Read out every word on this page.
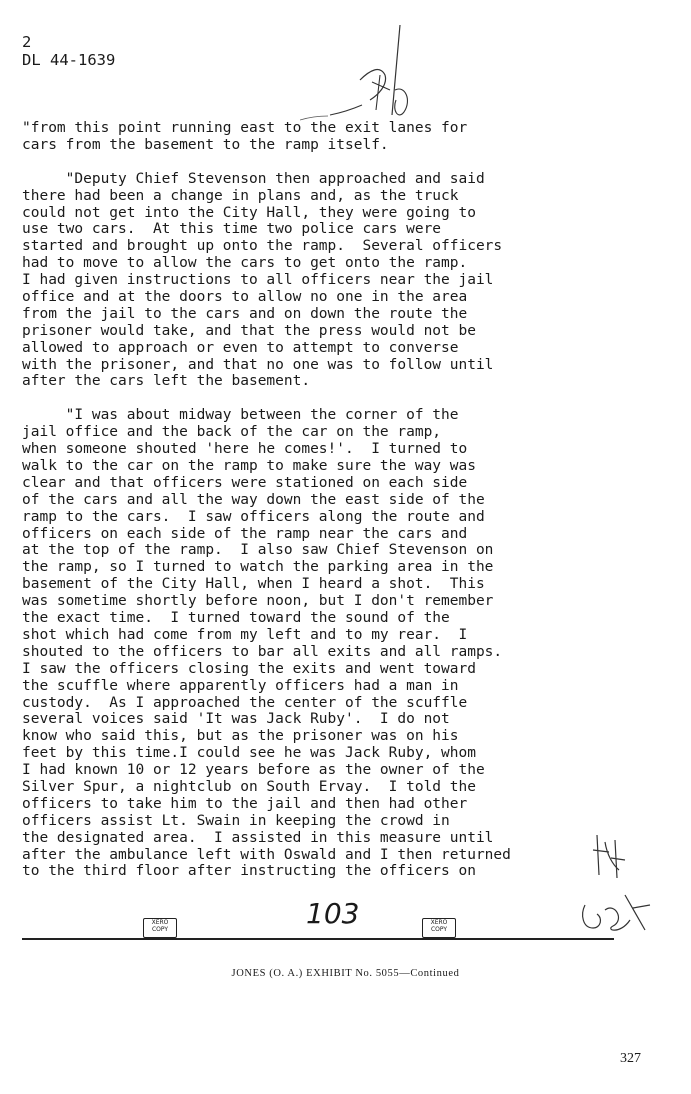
2
DL 44-1639
"from this point running east to the exit lanes for
cars from the basement to the ramp itself.
"Deputy Chief Stevenson then approached and said
there had been a change in plans and, as the truck
could not get into the City Hall, they were going to
use two cars.  At this time two police cars were
started and brought up onto the ramp.  Several officers
had to move to allow the cars to get onto the ramp.
I had given instructions to all officers near the jail
office and at the doors to allow no one in the area
from the jail to the cars and on down the route the
prisoner would take, and that the press would not be
allowed to approach or even to attempt to converse
with the prisoner, and that no one was to follow until
after the cars left the basement.
"I was about midway between the corner of the
jail office and the back of the car on the ramp,
when someone shouted 'here he comes!'.  I turned to
walk to the car on the ramp to make sure the way was
clear and that officers were stationed on each side
of the cars and all the way down the east side of the
ramp to the cars.  I saw officers along the route and
officers on each side of the ramp near the cars and
at the top of the ramp.  I also saw Chief Stevenson on
the ramp, so I turned to watch the parking area in the
basement of the City Hall, when I heard a shot.  This
was sometime shortly before noon, but I don't remember
the exact time.  I turned toward the sound of the
shot which had come from my left and to my rear.  I
shouted to the officers to bar all exits and all ramps.
I saw the officers closing the exits and went toward
the scuffle where apparently officers had a man in
custody.  As I approached the center of the scuffle
several voices said 'It was Jack Ruby'.  I do not
know who said this, but as the prisoner was on his
feet by this time.I could see he was Jack Ruby, whom
I had known 10 or 12 years before as the owner of the
Silver Spur, a nightclub on South Ervay.  I told the
officers to take him to the jail and then had other
officers assist Lt. Swain in keeping the crowd in
the designated area.  I assisted in this measure until
after the ambulance left with Oswald and I then returned
to the third floor after instructing the officers on
XERO COPY	103	XERO COPY
JONES (O. A.) EXHIBIT No. 5055—Continued
327
